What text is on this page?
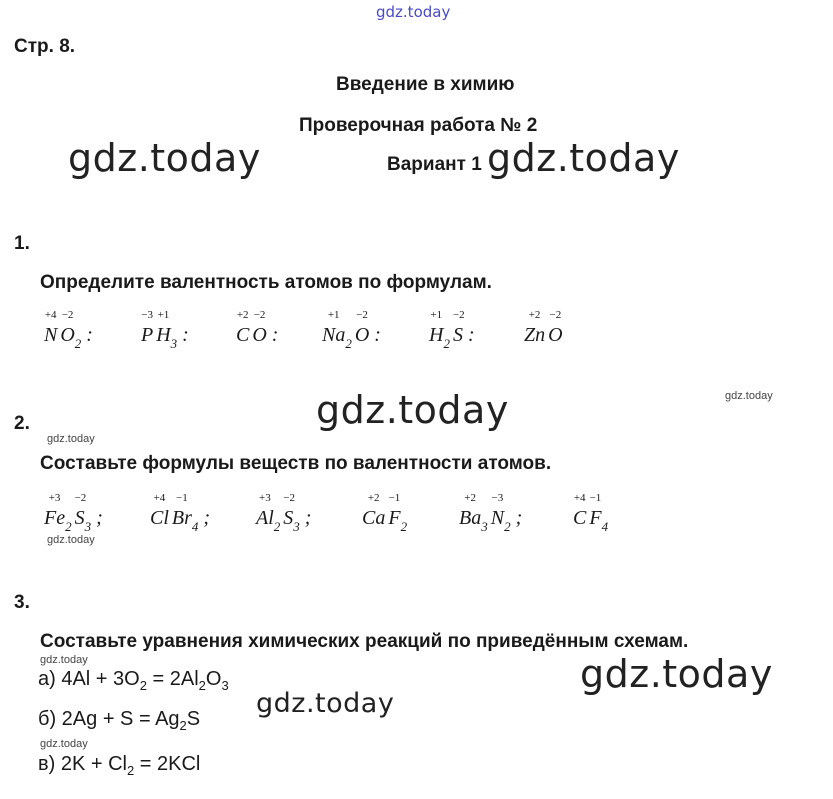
gdz.today
Стр. 8.
Введение в химию
Проверочная работа № 2
Вариант 1
gdz.today	gdz.today
gdz.today
gdz.today
gdz.today
gdz.today
gdz.today
gdz.today
gdz.today
gdz.today
1.
Определите валентность атомов по формулам.
+4
N
−2
O 2 :
−3
P
+1
H 3 :
+2
C
−2
O :
+1
Na 2
−2
O :
+1
H 2
−2
S :
+2
Zn
−2
O
2.
Составьте формулы веществ по валентности атомов.
+3
Fe 2
−2
S 3 ;
+4
Cl
−1
Br 4 ;
+3
Al 2
−2
S 3 ;
+2
Ca
−1
F 2
+2
Ba 3
−3
N 2 ;
+4
C
−1
F 4
3.
Составьте уравнения химических реакций по приведённым схемам.
а) $4Al + 3O_2 = 2Al_2O_3$
б) $2Ag + S = Ag_2S$
в) $2K + Cl_2 = 2KCl$
